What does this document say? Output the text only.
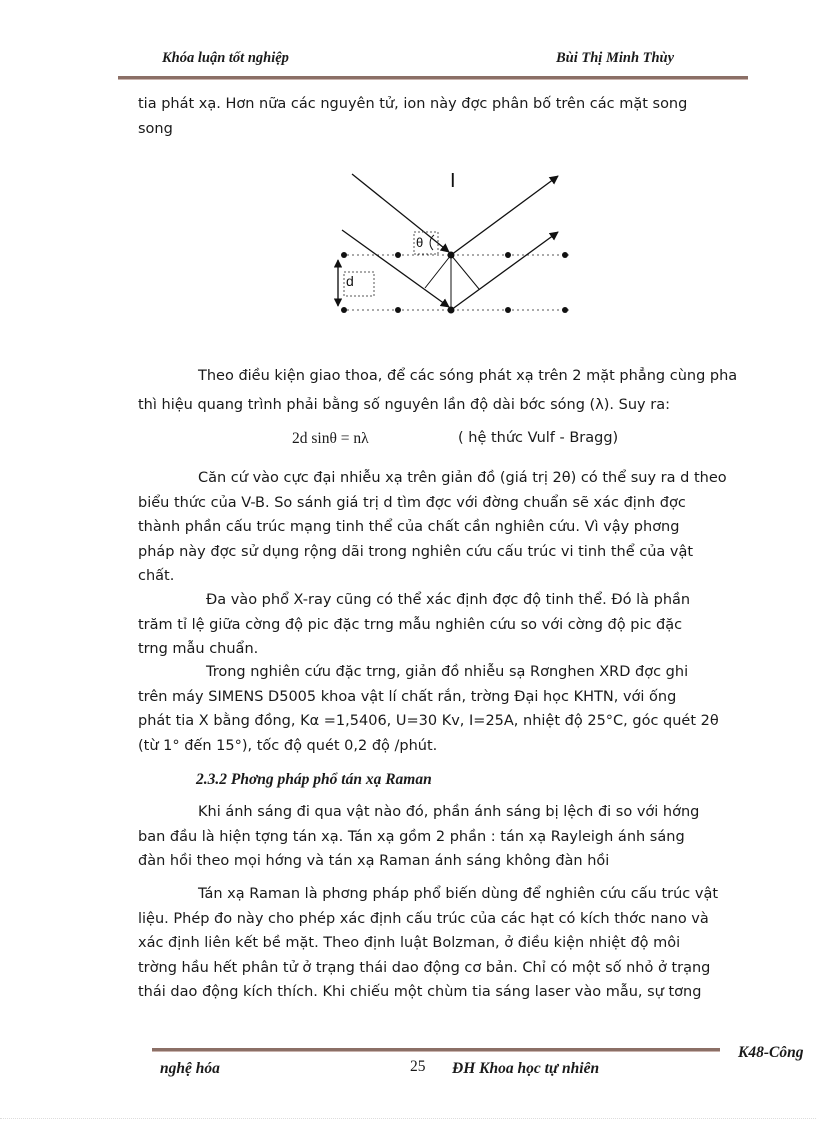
Khóa luận tốt nghiệp	Bùi Thị Minh Thùy
tia phát xạ. Hơn nữa các nguyên tử, ion này đợc phân bố trên các mặt song
song
θ
d
I
Theo điều kiện giao thoa, để các sóng phát xạ trên 2 mặt phẳng cùng pha
thì hiệu quang trình phải bằng số nguyên lần độ dài bớc sóng (λ). Suy ra:
2d sinθ = nλ	( hệ thức Vulf - Bragg)
Căn cứ vào cực đại nhiễu xạ trên giản đồ (giá trị 2θ) có thể suy ra d theo
biểu thức của V-B. So sánh giá trị d tìm đợc với đờng chuẩn sẽ xác định đợc
thành phần cấu trúc mạng tinh thể của chất cần nghiên cứu. Vì vậy phơng
pháp này đợc sử dụng rộng dãi trong nghiên cứu cấu trúc vi tinh thể của vật
chất.
Đa vào phổ X-ray cũng có thể xác định đợc độ tinh thể. Đó là phần
trăm tỉ lệ giữa cờng độ pic đặc trng mẫu nghiên cứu so với cờng độ pic đặc
trng mẫu chuẩn.
Trong nghiên cứu đặc trng, giản đồ nhiễu sạ Rơnghen XRD đợc ghi
trên máy SIMENS D5005 khoa vật lí chất rắn, trờng Đại học KHTN, với ống
phát tia X bằng đồng, Kα =1,5406, U=30 Kv, I=25A, nhiệt độ 25°C, góc quét 2θ
(từ 1° đến 15°), tốc độ quét 0,2 độ /phút.
2.3.2 Phơng pháp phổ tán xạ Raman
Khi ánh sáng đi qua vật nào đó, phần ánh sáng bị lệch đi so với hớng
ban đầu là hiện tợng tán xạ. Tán xạ gồm 2 phần : tán xạ Rayleigh ánh sáng
đàn hồi theo mọi hớng và tán xạ Raman ánh sáng không đàn hồi
Tán xạ Raman là phơng pháp phổ biến dùng để nghiên cứu cấu trúc vật
liệu. Phép đo này cho phép xác định cấu trúc của các hạt có kích thớc nano và
xác định liên kết bề mặt. Theo định luật Bolzman, ở điều kiện nhiệt độ môi
trờng hầu hết phân tử ở trạng thái dao động cơ bản. Chỉ có một số nhỏ ở trạng
thái dao động kích thích. Khi chiếu một chùm tia sáng laser vào mẫu, sự tơng
K48-Công
nghệ hóa	25 ĐH Khoa học tự nhiên
